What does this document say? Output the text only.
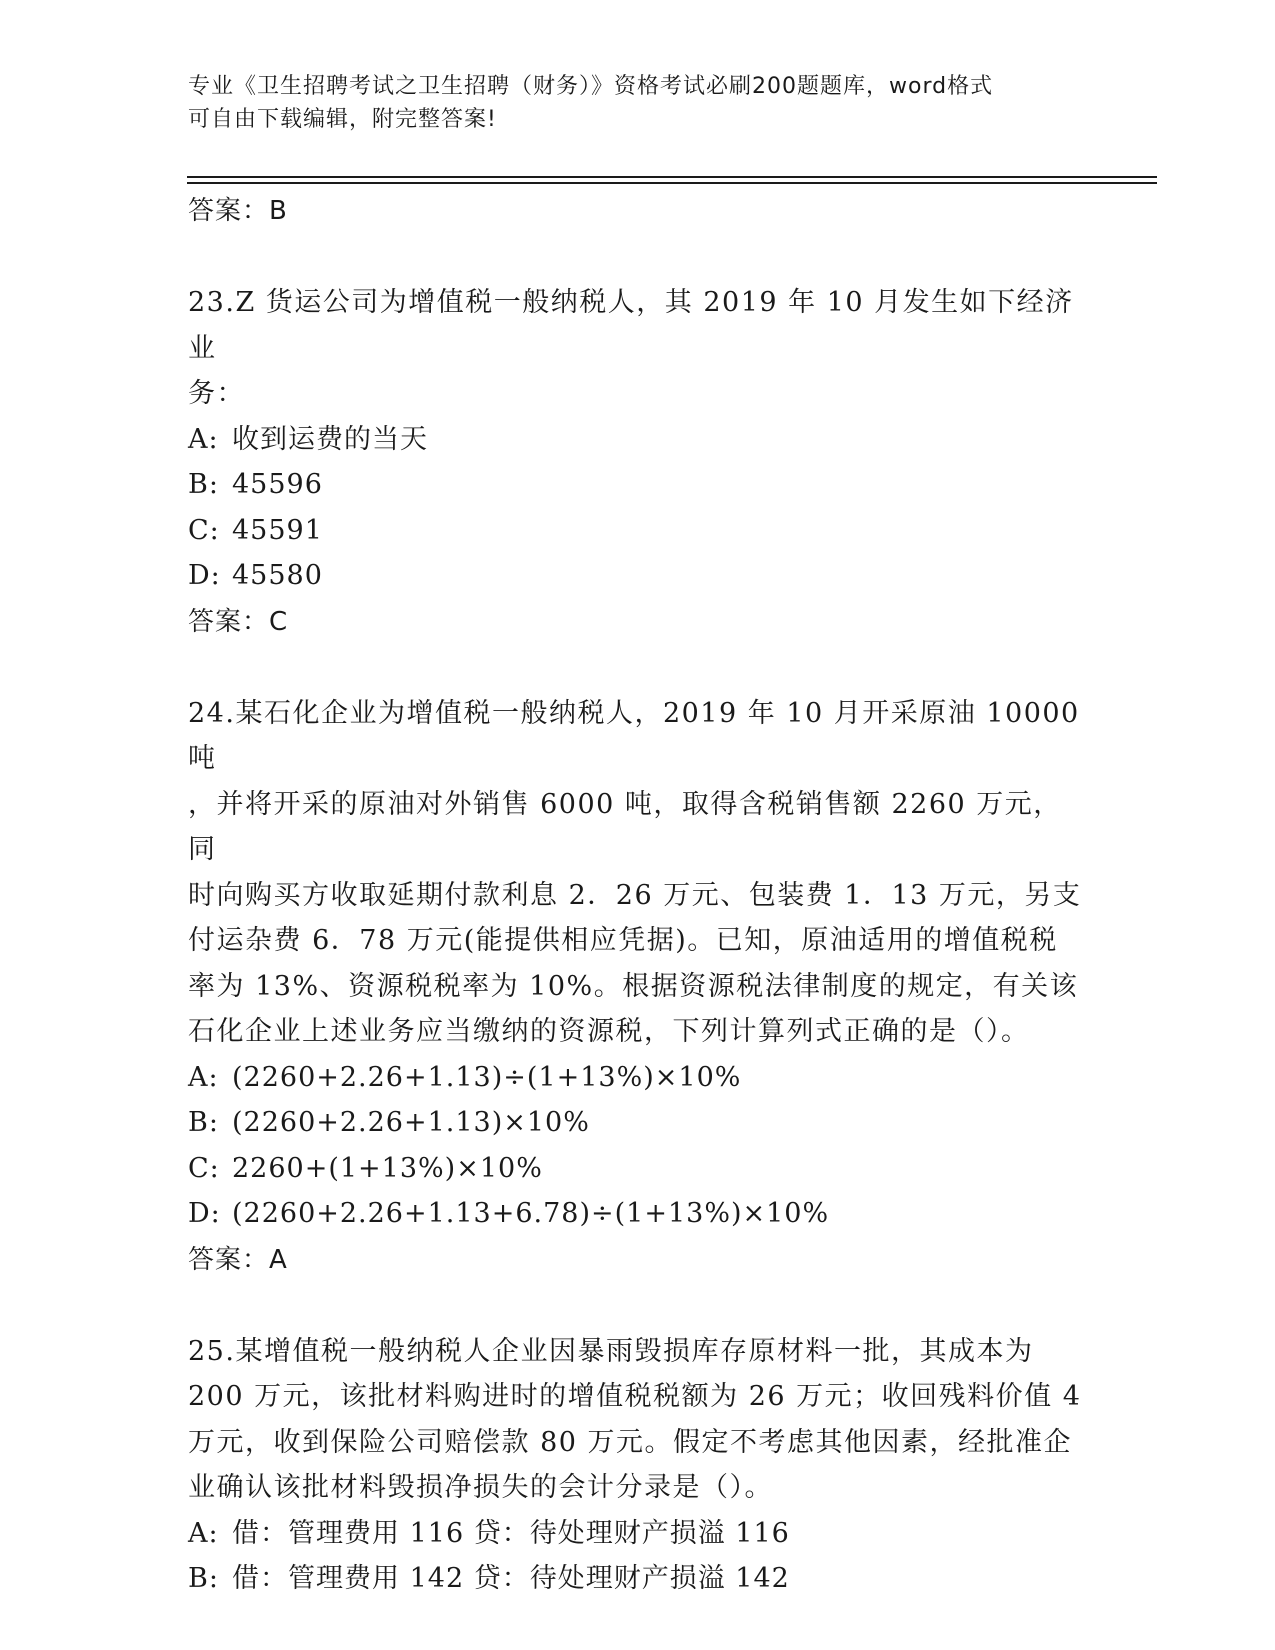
专业《卫生招聘考试之卫生招聘（财务）》资格考试必刷200题题库，word格式
可自由下载编辑，附完整答案!

答案：B

23.Z 货运公司为增值税一般纳税人，其 2019 年 10 月发生如下经济业

务：

A: 收到运费的当天

B: 45596

C: 45591

D: 45580

答案：C

24.某石化企业为增值税一般纳税人，2019 年 10 月开采原油 10000 吨

，并将开采的原油对外销售 6000 吨，取得含税销售额 2260 万元，同

时向购买方收取延期付款利息 2．26 万元、包装费 1．13 万元，另支

付运杂费 6．78 万元(能提供相应凭据)。已知，原油适用的增值税税

率为 13%、资源税税率为 10%。根据资源税法律制度的规定，有关该

石化企业上述业务应当缴纳的资源税，下列计算列式正确的是（）。

A: (2260+2.26+1.13)÷(1+13%)×10%

B: (2260+2.26+1.13)×10%

C: 2260+(1+13%)×10%

D: (2260+2.26+1.13+6.78)÷(1+13%)×10%

答案：A

25.某增值税一般纳税人企业因暴雨毁损库存原材料一批，其成本为

200 万元，该批材料购进时的增值税税额为 26 万元；收回残料价值 4

万元，收到保险公司赔偿款 80 万元。假定不考虑其他因素，经批准企

业确认该批材料毁损净损失的会计分录是（）。

A: 借：管理费用 116 贷：待处理财产损溢 116

B: 借：管理费用 142 贷：待处理财产损溢 142
